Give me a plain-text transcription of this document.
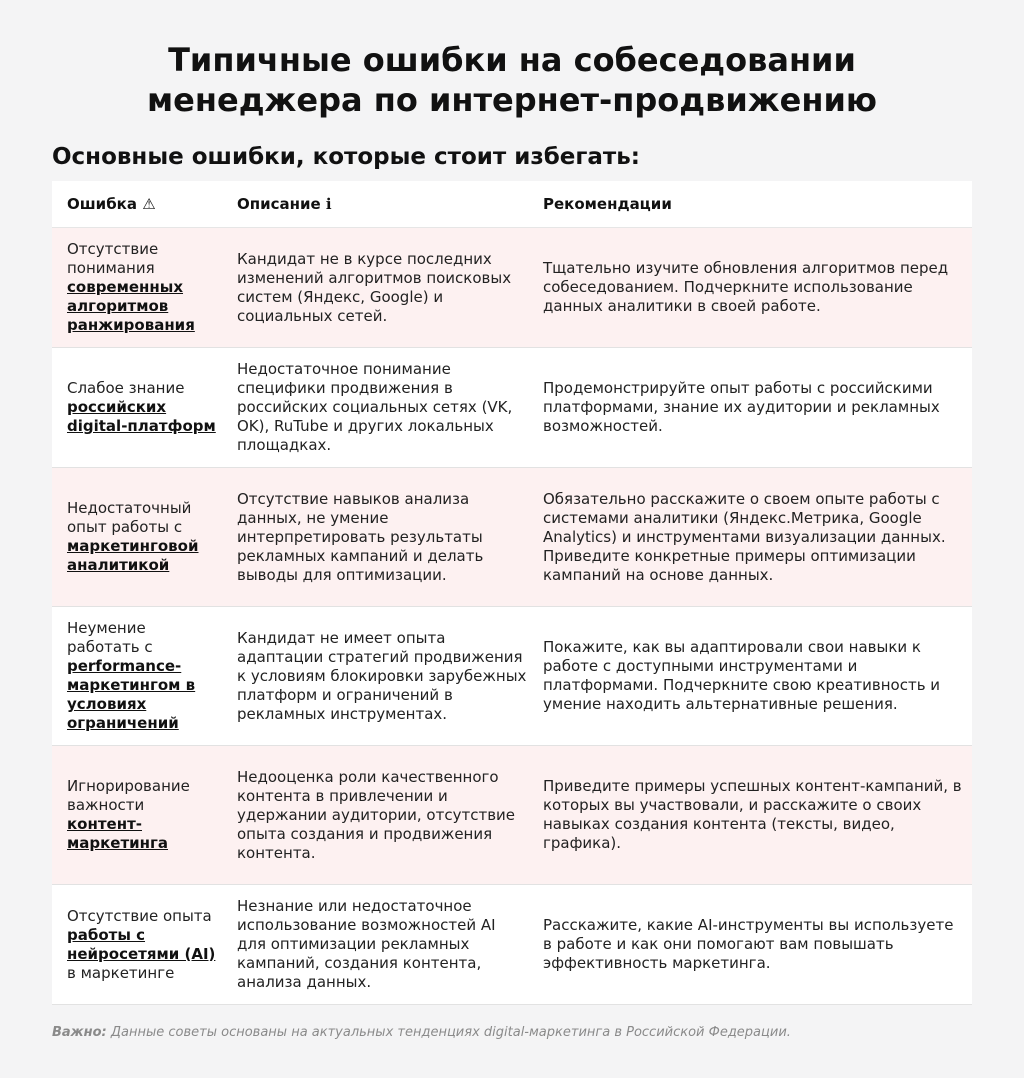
Типичные ошибки на собеседовании
менеджера по интернет-продвижению
Основные ошибки, которые стоит избегать:
Ошибка ⚠	Описание ℹ	Рекомендации
Отсутствие понимания современных алгоритмов ранжирования	Кандидат не в курсе последних изменений алгоритмов поисковых систем (Яндекс, Google) и социальных сетей.	Тщательно изучите обновления алгоритмов перед собеседованием. Подчеркните использование данных аналитики в своей работе.
Слабое знание российских digital-платформ	Недостаточное понимание специфики продвижения в российских социальных сетях (VK, OK), RuTube и других локальных площадках.	Продемонстрируйте опыт работы с российскими платформами, знание их аудитории и рекламных возможностей.
Недостаточный опыт работы с маркетинговой аналитикой	Отсутствие навыков анализа данных, не умение интерпретировать результаты рекламных кампаний и делать выводы для оптимизации.	Обязательно расскажите о своем опыте работы с системами аналитики (Яндекс.Метрика, Google Analytics) и инструментами визуализации данных. Приведите конкретные примеры оптимизации кампаний на основе данных.
Неумение работать с performance-маркетингом в условиях ограничений	Кандидат не имеет опыта адаптации стратегий продвижения к условиям блокировки зарубежных платформ и ограничений в рекламных инструментах.	Покажите, как вы адаптировали свои навыки к работе с доступными инструментами и платформами. Подчеркните свою креативность и умение находить альтернативные решения.
Игнорирование важности контент-маркетинга	Недооценка роли качественного контента в привлечении и удержании аудитории, отсутствие опыта создания и продвижения контента.	Приведите примеры успешных контент-кампаний, в которых вы участвовали, и расскажите о своих навыках создания контента (тексты, видео, графика).
Отсутствие опыта работы с нейросетями (AI) в маркетинге	Незнание или недостаточное использование возможностей AI для оптимизации рекламных кампаний, создания контента, анализа данных.	Расскажите, какие AI-инструменты вы используете в работе и как они помогают вам повышать эффективность маркетинга.
Важно: Данные советы основаны на актуальных тенденциях digital-маркетинга в Российской Федерации.
